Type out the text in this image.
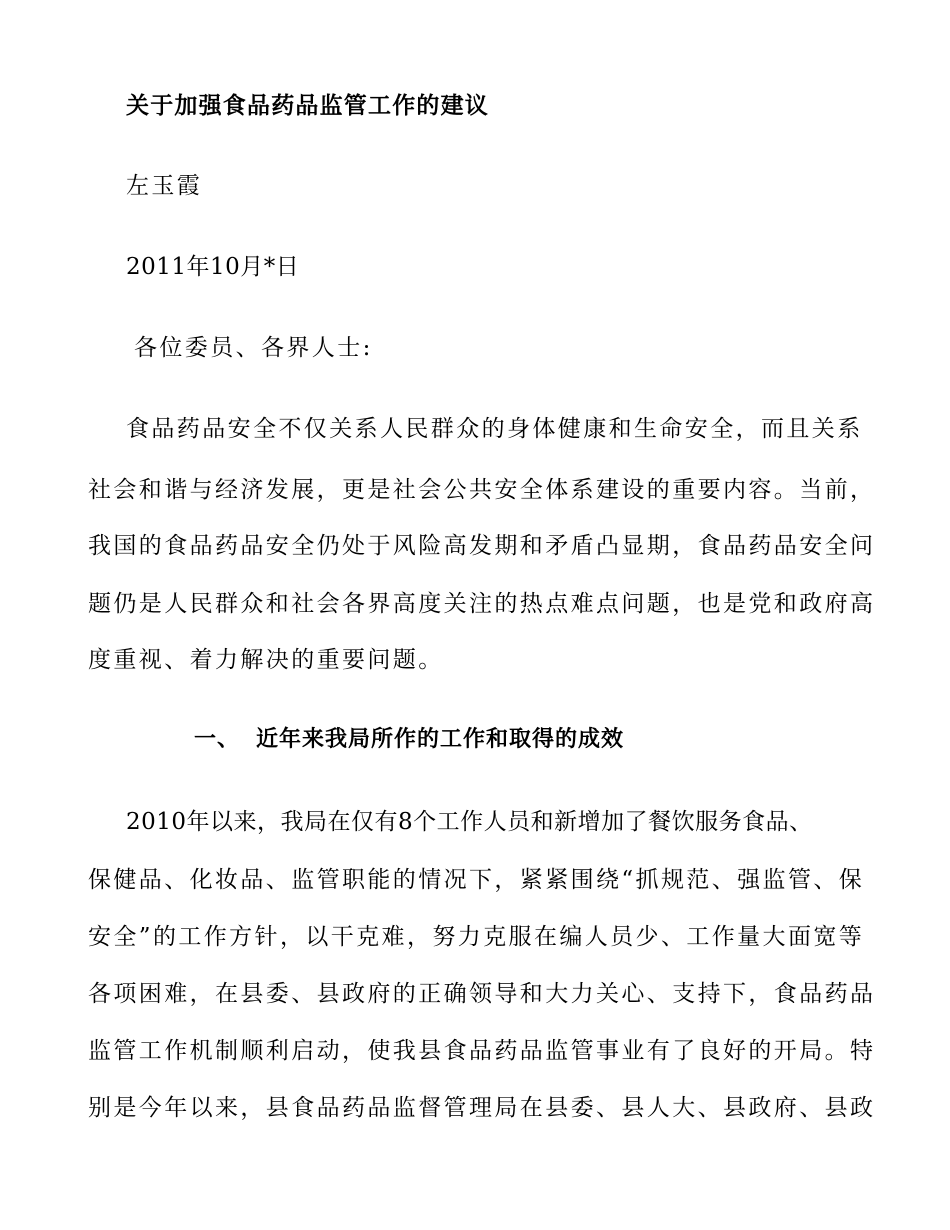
关于加强食品药品监管工作的建议
左玉霞
2011年10月*日
各位委员、各界人士:
食品药品安全不仅关系人民群众的身体健康和生命安全，而且关系
社会和谐与经济发展，更是社会公共安全体系建设的重要内容。当前，
我国的食品药品安全仍处于风险高发期和矛盾凸显期，食品药品安全问
题仍是人民群众和社会各界高度关注的热点难点问题，也是党和政府高
度重视、着力解决的重要问题。
一、 近年来我局所作的工作和取得的成效
2010年以来，我局在仅有8个工作人员和新增加了餐饮服务食品、
保健品、化妆品、监管职能的情况下，紧紧围绕“抓规范、强监管、保
安全”的工作方针，以干克难，努力克服在编人员少、工作量大面宽等
各项困难，在县委、县政府的正确领导和大力关心、支持下，食品药品
监管工作机制顺利启动，使我县食品药品监管事业有了良好的开局。特
别是今年以来，县食品药品监督管理局在县委、县人大、县政府、县政
